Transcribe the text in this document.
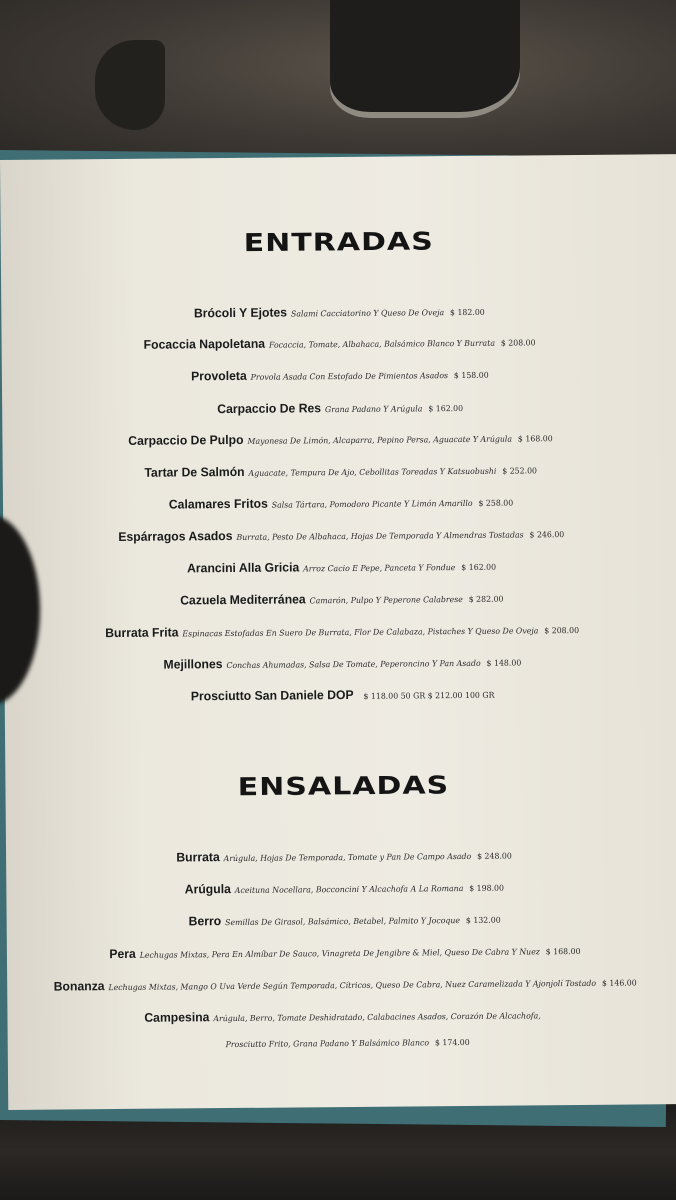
ENTRADAS
Brócoli Y Ejotes Salami Cacciatorino Y Queso De Oveja $ 182.00
Focaccia Napoletana Focaccia, Tomate, Albahaca, Balsámico Blanco Y Burrata $ 208.00
Provoleta Provola Asada Con Estofado De Pimientos Asados $ 158.00
Carpaccio De Res Grana Padano Y Arúgula $ 162.00
Carpaccio De Pulpo Mayonesa De Limón, Alcaparra, Pepino Persa, Aguacate Y Arúgula $ 168.00
Tartar De Salmón Aguacate, Tempura De Ajo, Cebollitas Toreadas Y Katsuobushi $ 252.00
Calamares Fritos Salsa Tártara, Pomodoro Picante Y Limón Amarillo $ 258.00
Espárragos Asados Burrata, Pesto De Albahaca, Hojas De Temporada Y Almendras Tostadas $ 246.00
Arancini Alla Gricia Arroz Cacio E Pepe, Panceta Y Fondue $ 162.00
Cazuela Mediterránea Camarón, Pulpo Y Peperone Calabrese $ 282.00
Burrata Frita Espinacas Estofadas En Suero De Burrata, Flor De Calabaza, Pistaches Y Queso De Oveja $ 208.00
Mejillones Conchas Ahumadas, Salsa De Tomate, Peperoncino Y Pan Asado $ 148.00
Prosciutto San Daniele DOP $ 118.00 50 GR $ 212.00 100 GR
ENSALADAS
Burrata Arúgula, Hojas De Temporada, Tomate y Pan De Campo Asado $ 248.00
Arúgula Aceituna Nocellara, Bocconcini Y Alcachofa A La Romana $ 198.00
Berro Semillas De Girasol, Balsámico, Betabel, Palmito Y Jocoque $ 132.00
Pera Lechugas Mixtas, Pera En Almíbar De Sauco, Vinagreta De Jengibre & Miel, Queso De Cabra Y Nuez $ 168.00
Bonanza Lechugas Mixtas, Mango O Uva Verde Según Temporada, Cítricos, Queso De Cabra, Nuez Caramelizada Y Ajonjolí Tostado $ 146.00
Campesina Arúgula, Berro, Tomate Deshidratado, Calabacines Asados, Corazón De Alcachofa,
Prosciutto Frito, Grana Padano Y Balsámico Blanco $ 174.00
